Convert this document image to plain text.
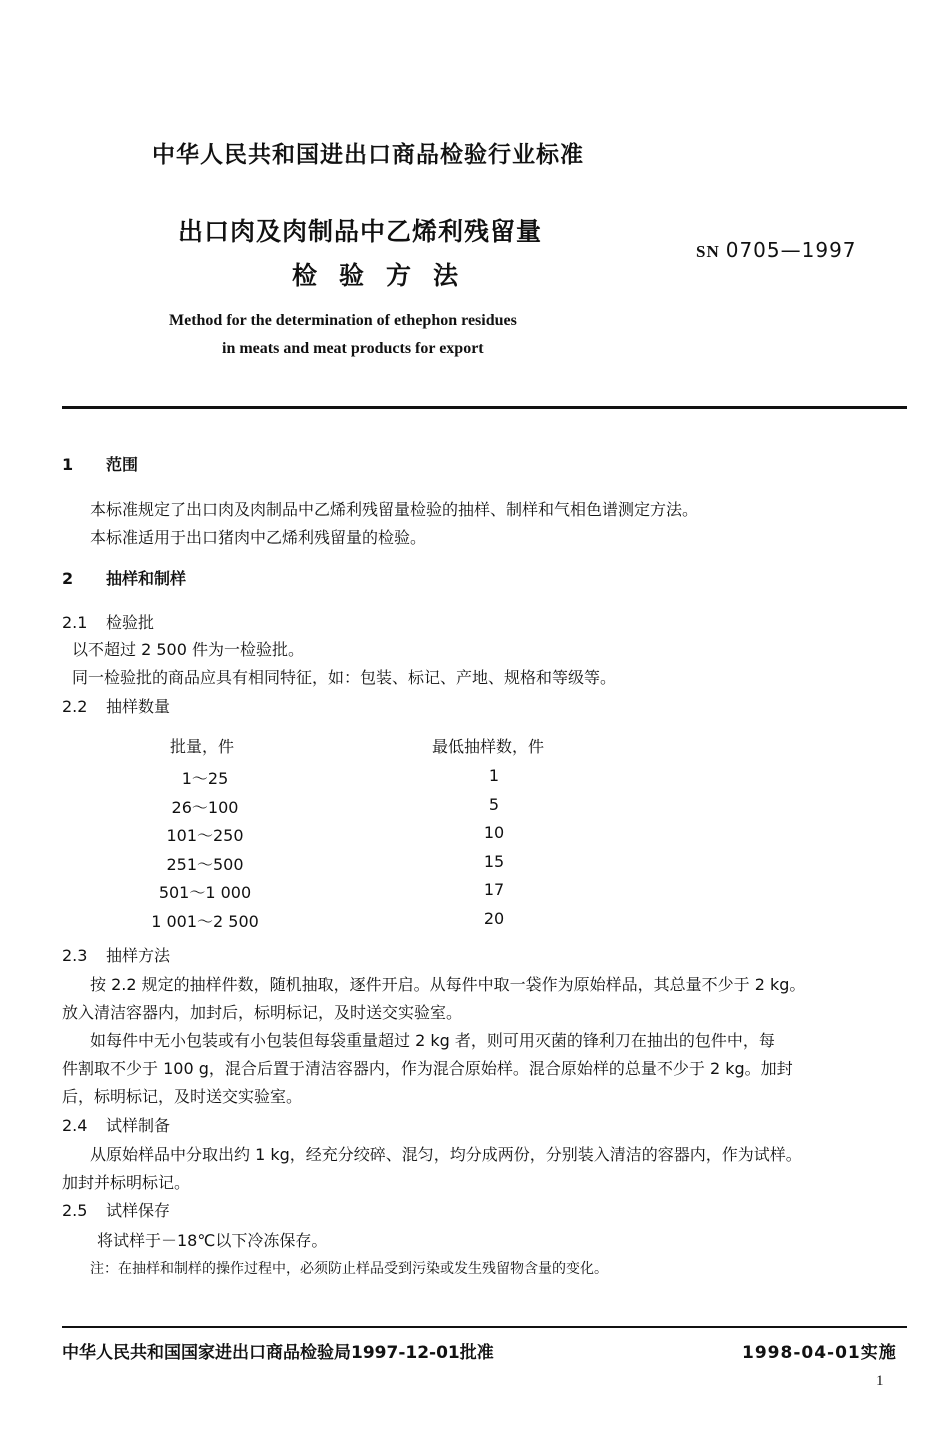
中华人民共和国进出口商品检验行业标准
出口肉及肉制品中乙烯利残留量
检验方法
SN 0705—1997
Method for the determination of ethephon residues
in meats and meat products for export
1 范围
本标准规定了出口肉及肉制品中乙烯利残留量检验的抽样、制样和气相色谱测定方法。
本标准适用于出口猪肉中乙烯利残留量的检验。
2 抽样和制样
2.1 检验批
以不超过 2 500 件为一检验批。
同一检验批的商品应具有相同特征，如：包装、标记、产地、规格和等级等。
2.2 抽样数量
批量，件	最低抽样数，件
1～25	1
26～100	5
101～250	10
251～500	15
501～1 000	17
1 001～2 500	20
2.3 抽样方法
按 2.2 规定的抽样件数，随机抽取，逐件开启。从每件中取一袋作为原始样品，其总量不少于 2 kg。
放入清洁容器内，加封后，标明标记，及时送交实验室。
如每件中无小包装或有小包装但每袋重量超过 2 kg 者，则可用灭菌的锋利刀在抽出的包件中，每
件割取不少于 100 g，混合后置于清洁容器内，作为混合原始样。混合原始样的总量不少于 2 kg。加封
后，标明标记，及时送交实验室。
2.4 试样制备
从原始样品中分取出约 1 kg，经充分绞碎、混匀，均分成两份，分别装入清洁的容器内，作为试样。
加封并标明标记。
2.5 试样保存
将试样于－18℃以下冷冻保存。
注：在抽样和制样的操作过程中，必须防止样品受到污染或发生残留物含量的变化。
中华人民共和国国家进出口商品检验局1997-12-01批准	1998-04-01实施
1
